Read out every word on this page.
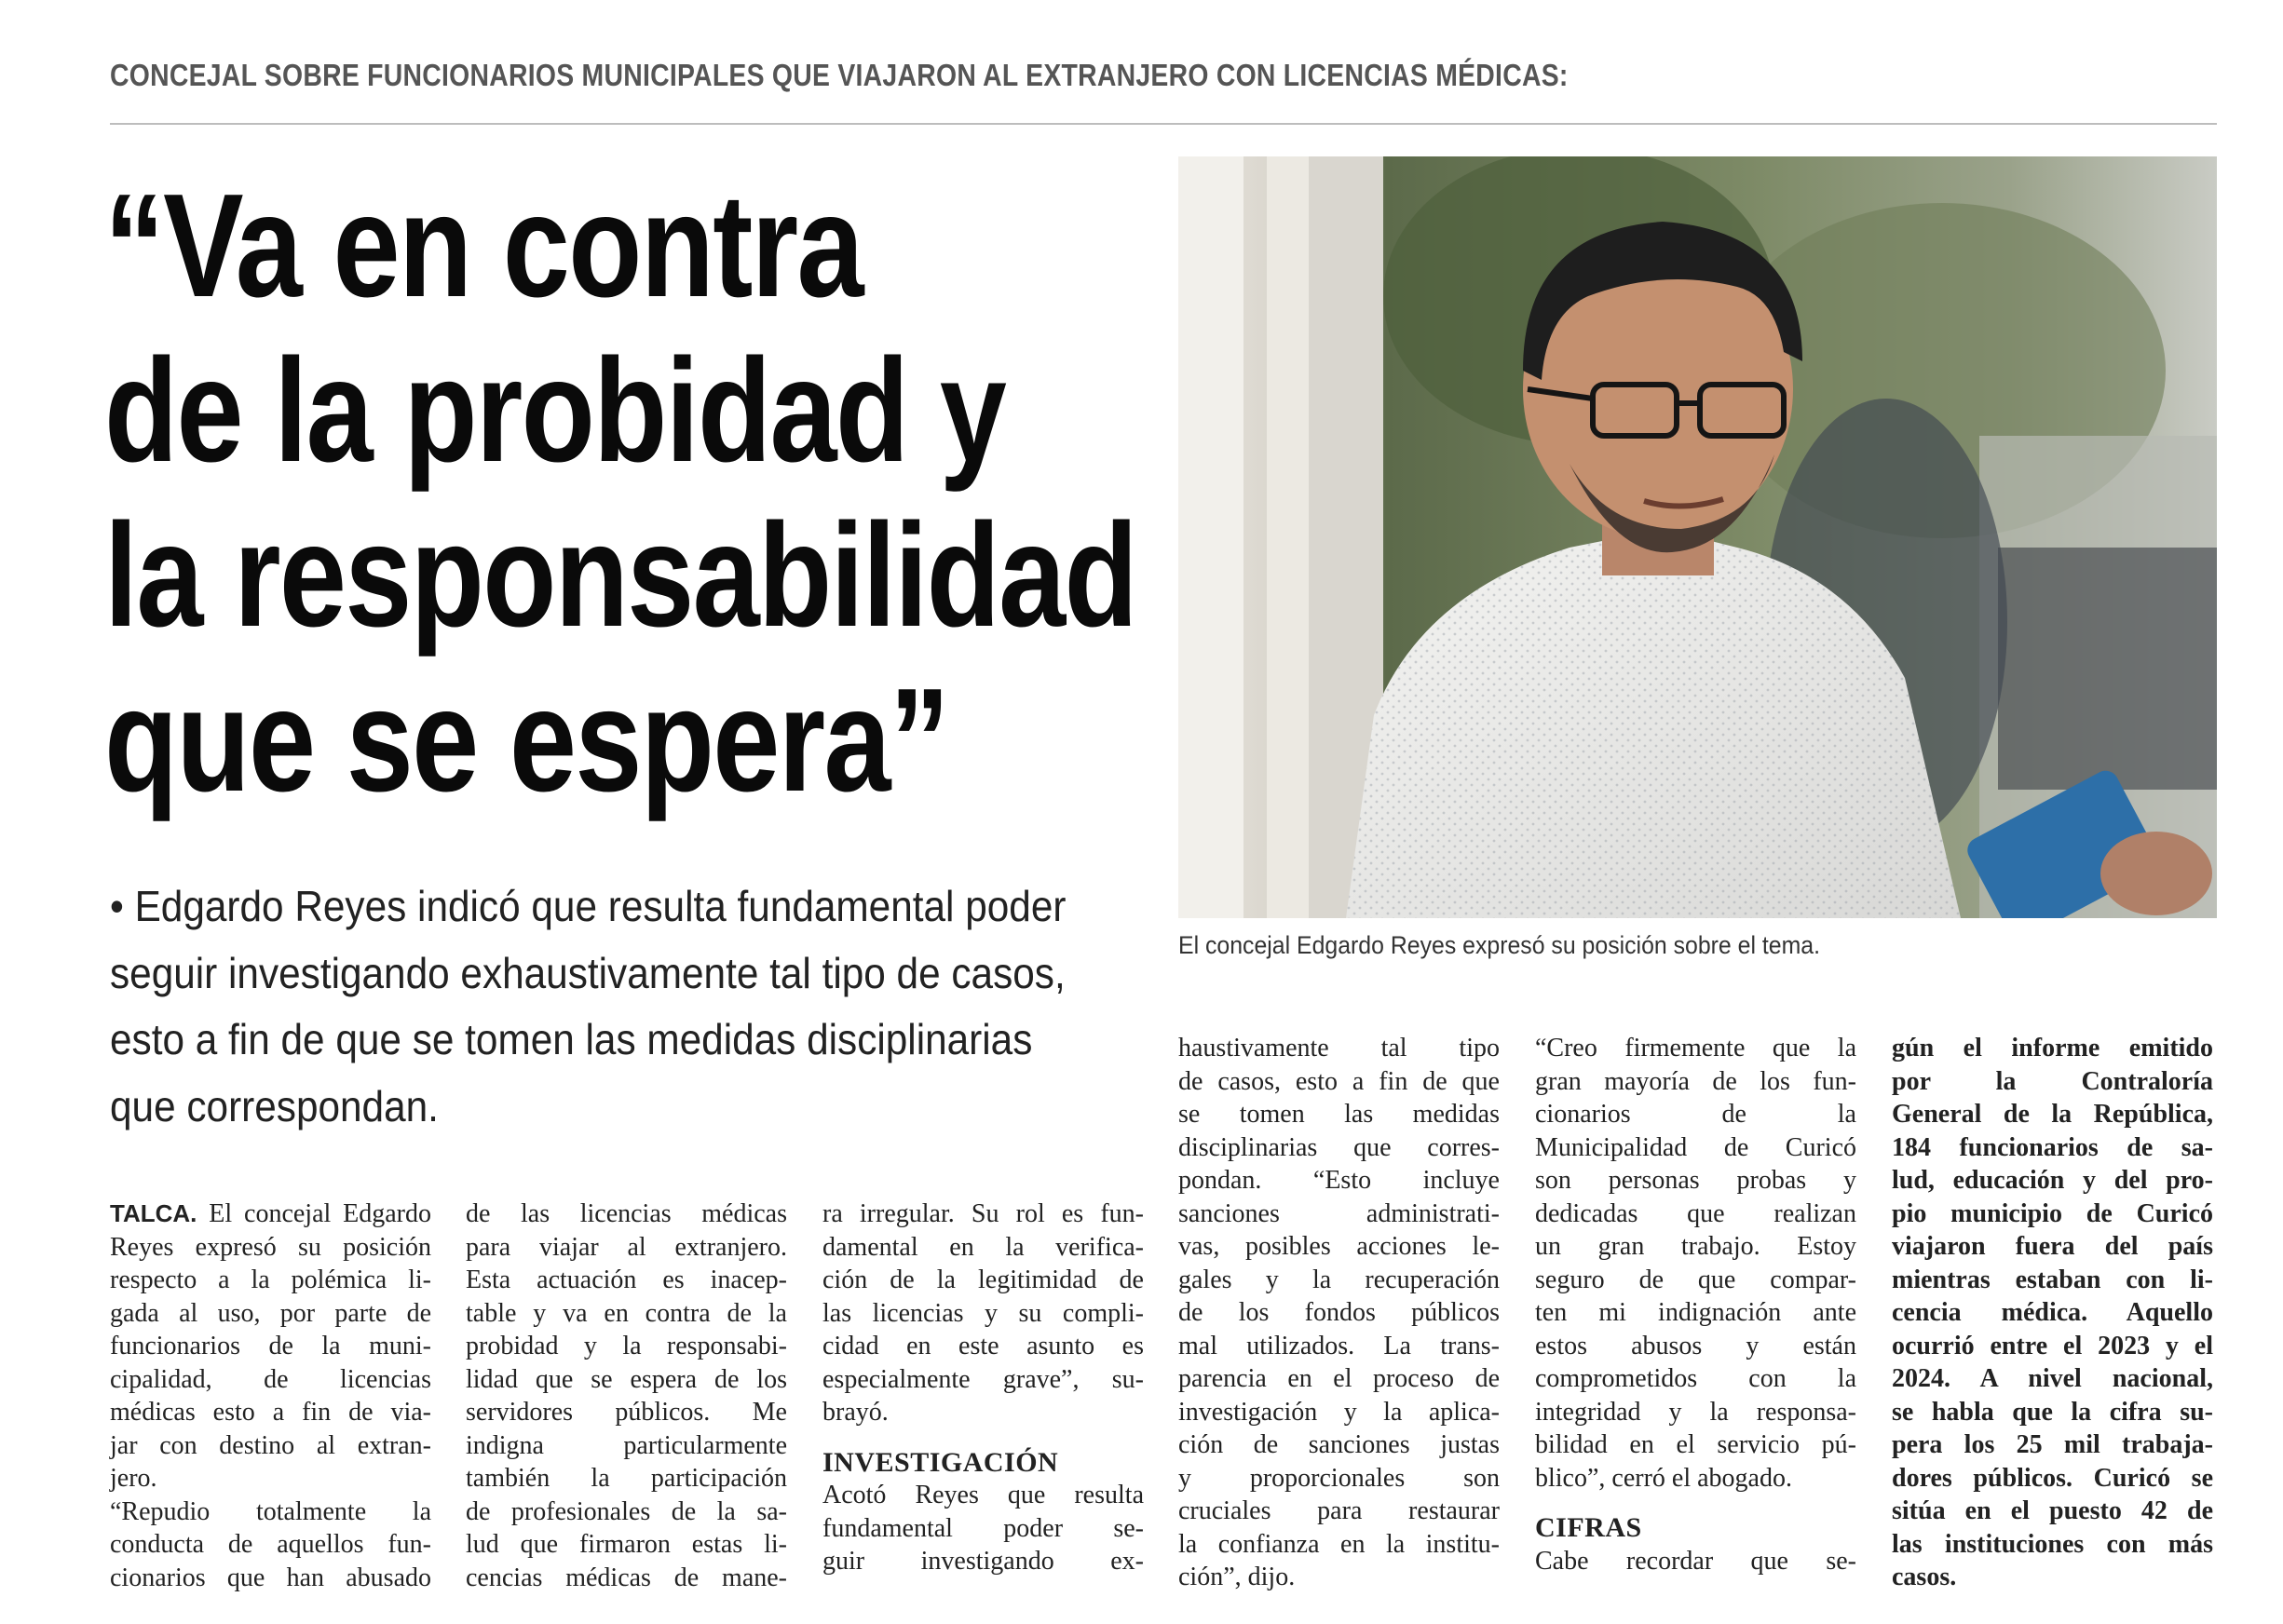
CONCEJAL SOBRE FUNCIONARIOS MUNICIPALES QUE VIAJARON AL EXTRANJERO CON LICENCIAS MÉDICAS:
“Va en contra
de la probidad y
la responsabilidad
que se espera”
• Edgardo Reyes indicó que resulta fundamental poder
seguir investigando exhaustivamente tal tipo de casos,
esto a fin de que se tomen las medidas disciplinarias
que correspondan.
El concejal Edgardo Reyes expresó su posición sobre el tema.
TALCA. El concejal Edgardo
Reyes expresó su posición
respecto a la polémica li-
gada al uso, por parte de
funcionarios de la muni-
cipalidad, de licencias
médicas esto a fin de via-
jar con destino al extran-
jero.
“Repudio totalmente la
conducta de aquellos fun-
cionarios que han abusado
de las licencias médicas
para viajar al extranjero.
Esta actuación es inacep-
table y va en contra de la
probidad y la responsabi-
lidad que se espera de los
servidores públicos. Me
indigna particularmente
también la participación
de profesionales de la sa-
lud que firmaron estas li-
cencias médicas de mane-
ra irregular. Su rol es fun-
damental en la verifica-
ción de la legitimidad de
las licencias y su compli-
cidad en este asunto es
especialmente grave”, su-
brayó.
INVESTIGACIÓN
Acotó Reyes que resulta
fundamental poder se-
guir investigando ex-
haustivamente tal tipo
de casos, esto a fin de que
se tomen las medidas
disciplinarias que corres-
pondan. “Esto incluye
sanciones administrati-
vas, posibles acciones le-
gales y la recuperación
de los fondos públicos
mal utilizados. La trans-
parencia en el proceso de
investigación y la aplica-
ción de sanciones justas
y proporcionales son
cruciales para restaurar
la confianza en la institu-
ción”, dijo.
“Creo firmemente que la
gran mayoría de los fun-
cionarios de la
Municipalidad de Curicó
son personas probas y
dedicadas que realizan
un gran trabajo. Estoy
seguro de que compar-
ten mi indignación ante
estos abusos y están
comprometidos con la
integridad y la responsa-
bilidad en el servicio pú-
blico”, cerró el abogado.
CIFRAS
Cabe recordar que se-
gún el informe emitido
por la Contraloría
General de la República,
184 funcionarios de sa-
lud, educación y del pro-
pio municipio de Curicó
viajaron fuera del país
mientras estaban con li-
cencia médica. Aquello
ocurrió entre el 2023 y el
2024. A nivel nacional,
se habla que la cifra su-
pera los 25 mil trabaja-
dores públicos. Curicó se
sitúa en el puesto 42 de
las instituciones con más
casos.
